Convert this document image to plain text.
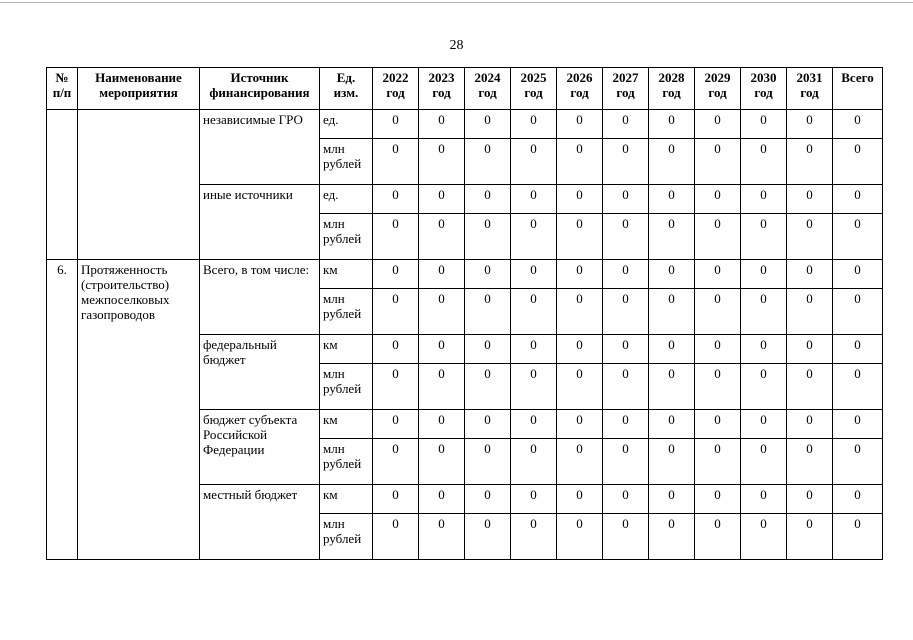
28
№ п/п	Наименование мероприятия	Источник финансирования	Ед. изм.	2022 год	2023 год	2024 год	2025 год	2026 год	2027 год	2028 год	2029 год	2030 год	2031 год	Всего
		независимые ГРО	ед.	0	0	0	0	0	0	0	0	0	0	0
			млн рублей	0	0	0	0	0	0	0	0	0	0	0
		иные источники	ед.	0	0	0	0	0	0	0	0	0	0	0
			млн рублей	0	0	0	0	0	0	0	0	0	0	0
6.	Протяженность (строительство) межпоселковых газопроводов	Всего, в том числе:	км	0	0	0	0	0	0	0	0	0	0	0
			млн рублей	0	0	0	0	0	0	0	0	0	0	0
		федеральный бюджет	км	0	0	0	0	0	0	0	0	0	0	0
			млн рублей	0	0	0	0	0	0	0	0	0	0	0
		бюджет субъекта Российской Федерации	км	0	0	0	0	0	0	0	0	0	0	0
			млн рублей	0	0	0	0	0	0	0	0	0	0	0
		местный бюджет	км	0	0	0	0	0	0	0	0	0	0	0
			млн рублей	0	0	0	0	0	0	0	0	0	0	0
